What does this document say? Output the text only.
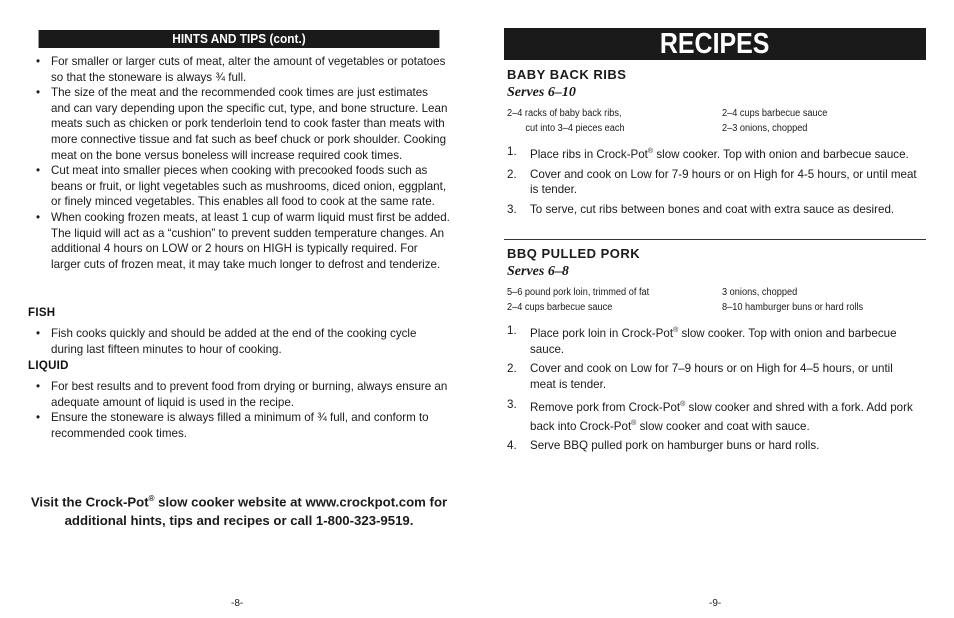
HINTS AND TIPS (cont.)
• For smaller or larger cuts of meat, alter the amount of vegetables or potatoes so that the stoneware is always ¾ full.
• The size of the meat and the recommended cook times are just estimates and can vary depending upon the specific cut, type, and bone structure. Lean meats such as chicken or pork tenderloin tend to cook faster than meats with more connective tissue and fat such as beef chuck or pork shoulder. Cooking meat on the bone versus boneless will increase required cook times.
• Cut meat into smaller pieces when cooking with precooked foods such as beans or fruit, or light vegetables such as mushrooms, diced onion, eggplant, or finely minced vegetables. This enables all food to cook at the same rate.
• When cooking frozen meats, at least 1 cup of warm liquid must first be added. The liquid will act as a “cushion” to prevent sudden temperature changes. An additional 4 hours on LOW or 2 hours on HIGH is typically required. For larger cuts of frozen meat, it may take much longer to defrost and tenderize.
FISH
• Fish cooks quickly and should be added at the end of the cooking cycle during last fifteen minutes to hour of cooking.
LIQUID
• For best results and to prevent food from drying or burning, always ensure an adequate amount of liquid is used in the recipe.
• Ensure the stoneware is always filled a minimum of ¾ full, and conform to recommended cook times.
Visit the Crock-Pot® slow cooker website at www.crockpot.com for
additional hints, tips and recipes or call 1-800-323-9519.
-8-
RECIPES
BABY BACK RIBS
Serves 6–10
2–4 racks of baby back ribs,
cut into 3–4 pieces each
2–4 cups barbecue sauce
2–3 onions, chopped
1. Place ribs in Crock-Pot® slow cooker. Top with onion and barbecue sauce.
2. Cover and cook on Low for 7-9 hours or on High for 4-5 hours, or until meat is tender.
3. To serve, cut ribs between bones and coat with extra sauce as desired.
BBQ PULLED PORK
Serves 6–8
5–6 pound pork loin, trimmed of fat
2–4 cups barbecue sauce
3 onions, chopped
8–10 hamburger buns or hard rolls
1. Place pork loin in Crock-Pot® slow cooker. Top with onion and barbecue sauce.
2. Cover and cook on Low for 7–9 hours or on High for 4–5 hours, or until meat is tender.
3. Remove pork from Crock-Pot® slow cooker and shred with a fork. Add pork back into Crock-Pot® slow cooker and coat with sauce.
4. Serve BBQ pulled pork on hamburger buns or hard rolls.
-9-
